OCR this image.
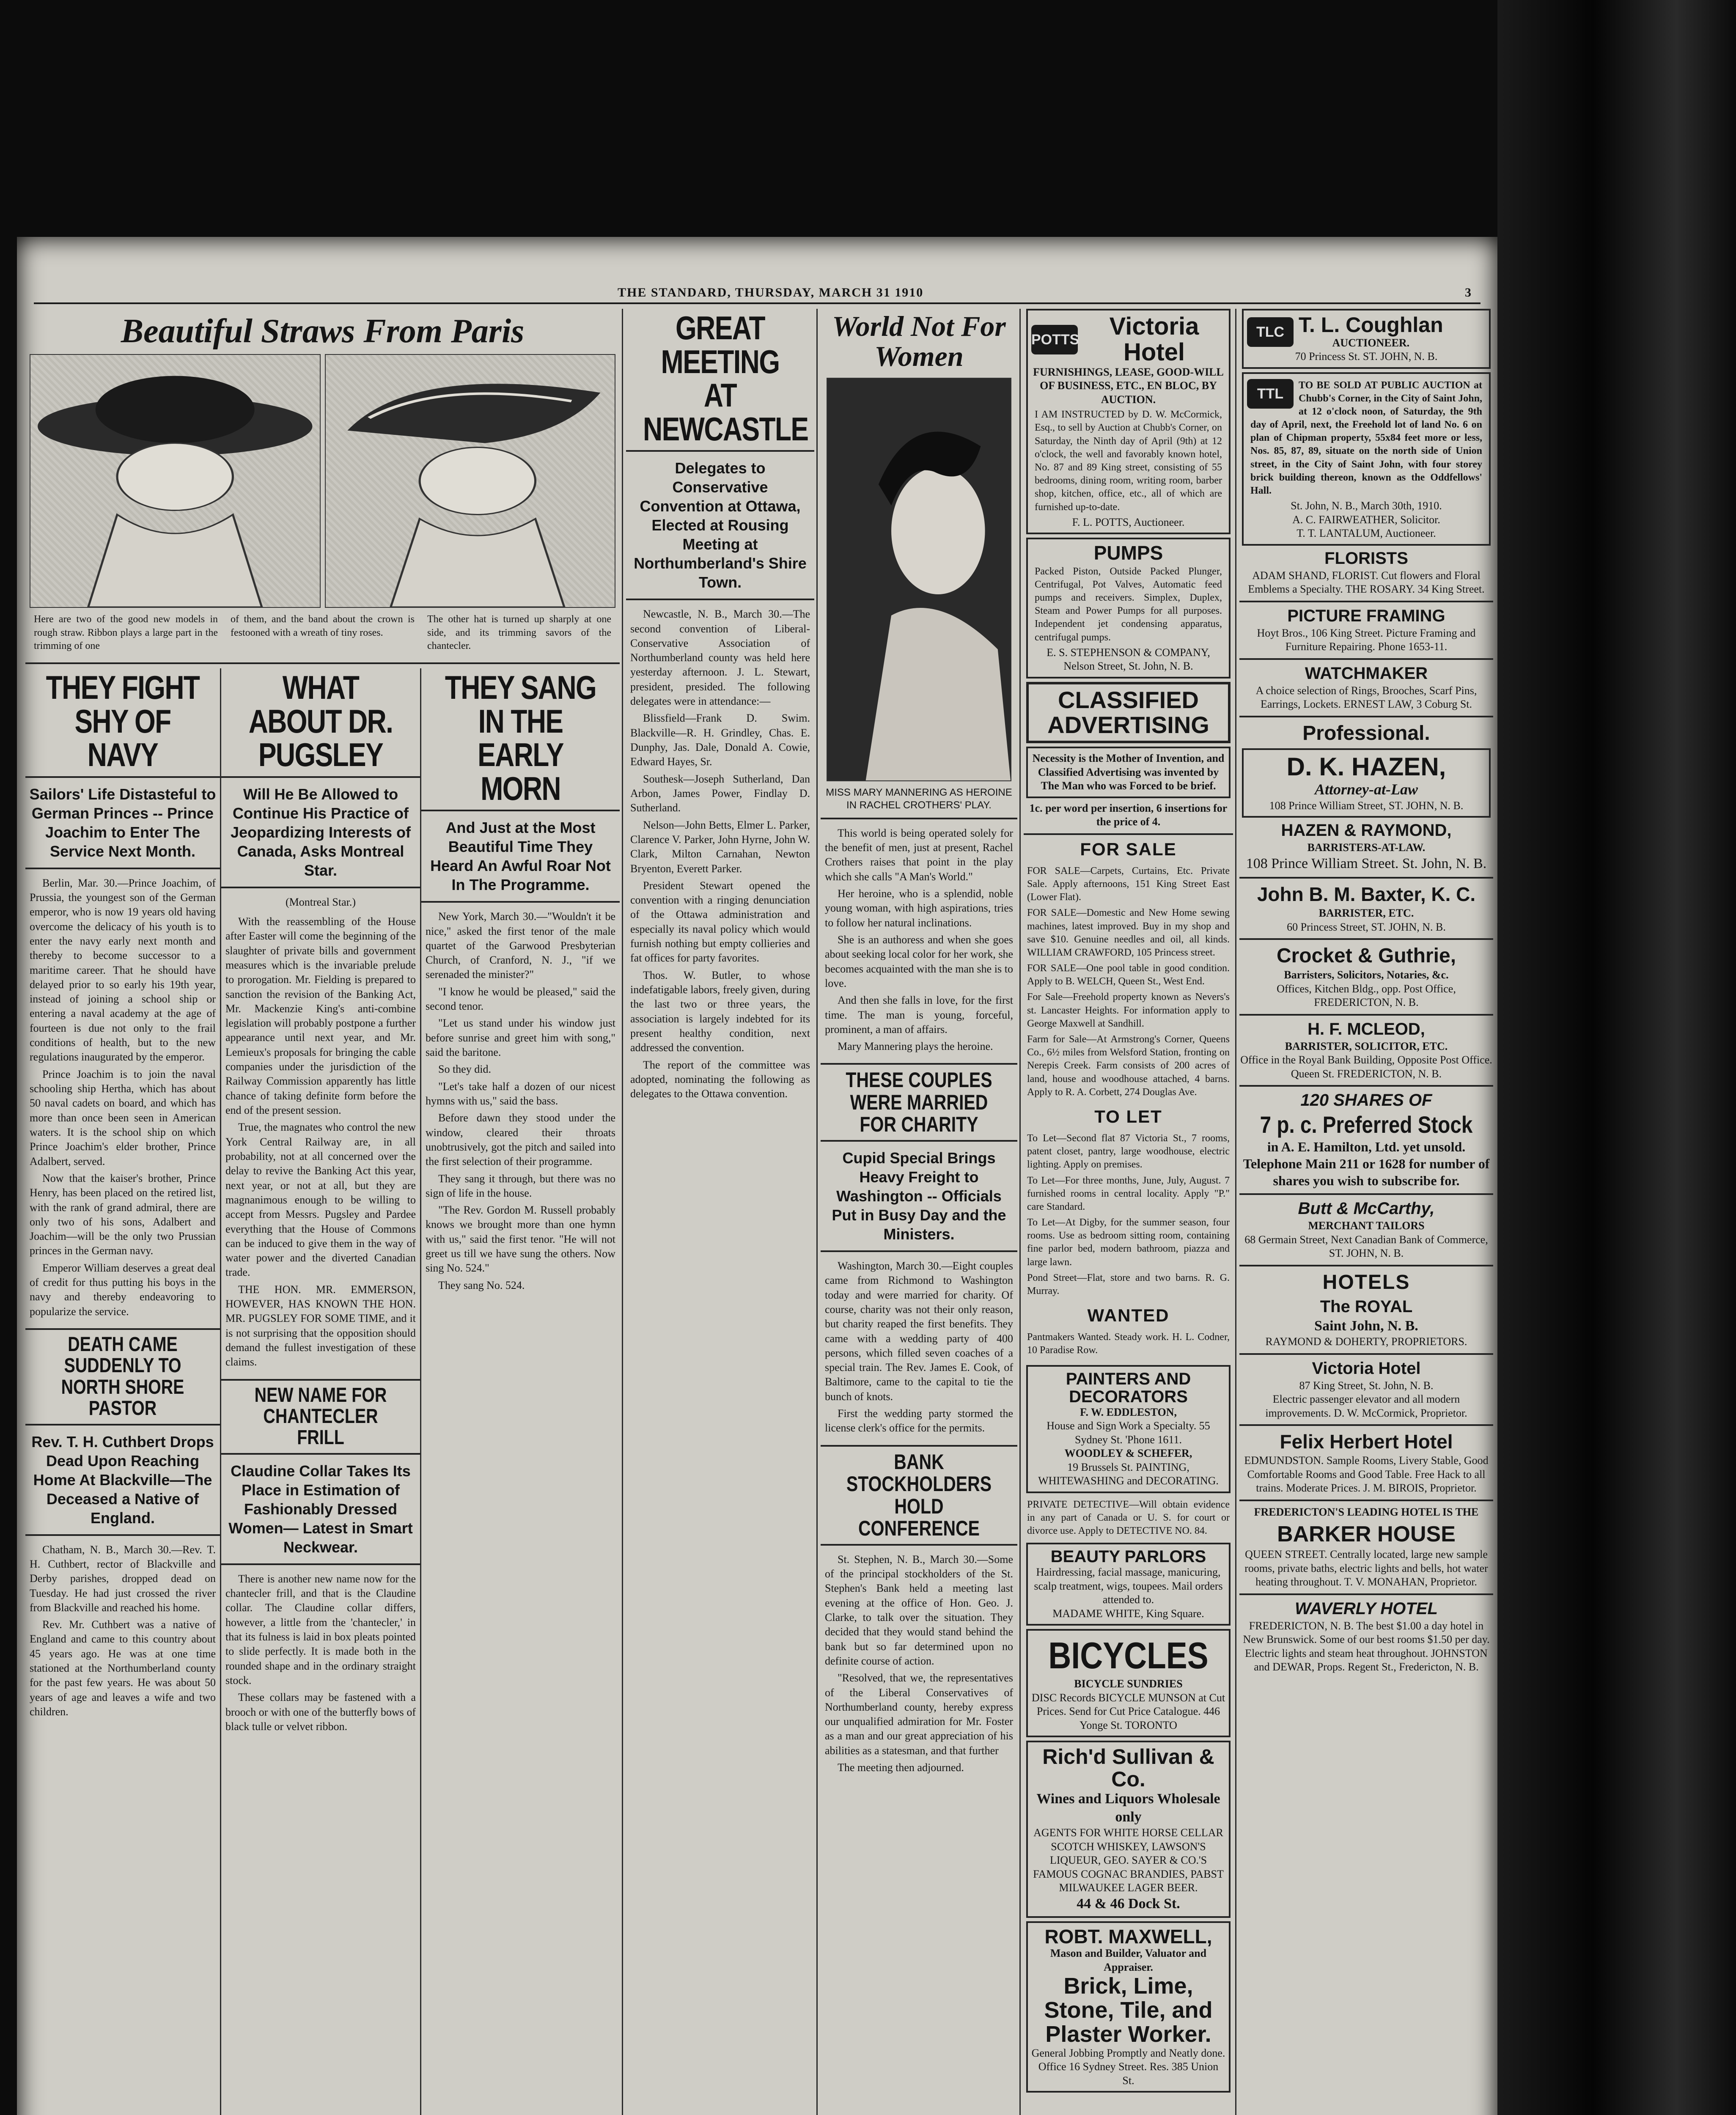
THE STANDARD, THURSDAY, MARCH 31 1910	3
Beautiful Straws From Paris
Here are two of the good new models in rough straw. Ribbon plays a large part in the trimming of one
of them, and the band about the crown is festooned with a wreath of tiny roses.
The other hat is turned up sharply at one side, and its trimming savors of the chantecler.
THEY FIGHT SHY OF NAVY
Sailors' Life Distasteful to German Princes -- Prince Joachim to Enter The Service Next Month.

Berlin, Mar. 30.—Prince Joachim, of Prussia, the youngest son of the German emperor, who is now 19 years old having overcome the delicacy of his youth is to enter the navy early next month and thereby to become successor to a maritime career. That he should have delayed prior to so early his 19th year, instead of joining a school ship or entering a naval academy at the age of fourteen is due not only to the frail conditions of health, but to the new regulations inaugurated by the emperor.

Prince Joachim is to join the naval schooling ship Hertha, which has about 50 naval cadets on board, and which has more than once been seen in American waters. It is the school ship on which Prince Joachim's elder brother, Prince Adalbert, served.

Now that the kaiser's brother, Prince Henry, has been placed on the retired list, with the rank of grand admiral, there are only two of his sons, Adalbert and Joachim—will be the only two Prussian princes in the German navy.

Emperor William deserves a great deal of credit for thus putting his boys in the navy and thereby endeavoring to popularize the service.

DEATH CAME SUDDENLY TO NORTH SHORE PASTOR
Rev. T. H. Cuthbert Drops Dead Upon Reaching Home At Blackville—The Deceased a Native of England.

Chatham, N. B., March 30.—Rev. T. H. Cuthbert, rector of Blackville and Derby parishes, dropped dead on Tuesday. He had just crossed the river from Blackville and reached his home.

Rev. Mr. Cuthbert was a native of England and came to this country about 45 years ago. He was at one time stationed at the Northumberland county for the past few years. He was about 50 years of age and leaves a wife and two children.

WHAT ABOUT DR. PUGSLEY
Will He Be Allowed to Continue His Practice of Jeopardizing Interests of Canada, Asks Montreal Star.
(Montreal Star.)

With the reassembling of the House after Easter will come the beginning of the slaughter of private bills and government measures which is the invariable prelude to prorogation. Mr. Fielding is prepared to sanction the revision of the Banking Act, Mr. Mackenzie King's anti-combine legislation will probably postpone a further appearance until next year, and Mr. Lemieux's proposals for bringing the cable companies under the jurisdiction of the Railway Commission apparently has little chance of taking definite form before the end of the present session.

True, the magnates who control the new York Central Railway are, in all probability, not at all concerned over the delay to revive the Banking Act this year, next year, or not at all, but they are magnanimous enough to be willing to accept from Messrs. Pugsley and Pardee everything that the House of Commons can be induced to give them in the way of water power and the diverted Canadian trade.

THE HON. MR. EMMERSON, HOWEVER, HAS KNOWN THE HON. MR. PUGSLEY FOR SOME TIME, and it is not surprising that the opposition should demand the fullest investigation of these claims.

NEW NAME FOR CHANTECLER FRILL
Claudine Collar Takes Its Place in Estimation of Fashionably Dressed Women— Latest in Smart Neckwear.

There is another new name now for the chantecler frill, and that is the Claudine collar. The Claudine collar differs, however, a little from the 'chantecler,' in that its fulness is laid in box pleats pointed to slide perfectly. It is made both in the rounded shape and in the ordinary straight stock.

These collars may be fastened with a brooch or with one of the butterfly bows of black tulle or velvet ribbon.

THEY SANG IN THE EARLY MORN
And Just at the Most Beautiful Time They Heard An Awful Roar Not In The Programme.

New York, March 30.—"Wouldn't it be nice," asked the first tenor of the male quartet of the Garwood Presbyterian Church, of Cranford, N. J., "if we serenaded the minister?"

"I know he would be pleased," said the second tenor.

"Let us stand under his window just before sunrise and greet him with song," said the baritone.

So they did.

"Let's take half a dozen of our nicest hymns with us," said the bass.

Before dawn they stood under the window, cleared their throats unobtrusively, got the pitch and sailed into the first selection of their programme.

They sang it through, but there was no sign of life in the house.

"The Rev. Gordon M. Russell probably knows we brought more than one hymn with us," said the first tenor. "He will not greet us till we have sung the others. Now sing No. 524."

They sang No. 524.

GREAT MEETING AT NEWCASTLE
Delegates to Conservative Convention at Ottawa, Elected at Rousing Meeting at Northumberland's Shire Town.

Newcastle, N. B., March 30.—The second convention of Liberal-Conservative Association of Northumberland county was held here yesterday afternoon. J. L. Stewart, president, presided. The following delegates were in attendance:—

Blissfield—Frank D. Swim. Blackville—R. H. Grindley, Chas. E. Dunphy, Jas. Dale, Donald A. Cowie, Edward Hayes, Sr.

Southesk—Joseph Sutherland, Dan Arbon, James Power, Findlay D. Sutherland.

Nelson—John Betts, Elmer L. Parker, Clarence V. Parker, John Hyrne, John W. Clark, Milton Carnahan, Newton Bryenton, Everett Parker.

President Stewart opened the convention with a ringing denunciation of the Ottawa administration and especially its naval policy which would furnish nothing but empty collieries and fat offices for party favorites.

Thos. W. Butler, to whose indefatigable labors, freely given, during the last two or three years, the association is largely indebted for its present healthy condition, next addressed the convention.

The report of the committee was adopted, nominating the following as delegates to the Ottawa convention.

World Not For Women
MISS MARY MANNERING AS HEROINE IN RACHEL CROTHERS' PLAY.

This world is being operated solely for the benefit of men, just at present, Rachel Crothers raises that point in the play which she calls "A Man's World."

Her heroine, who is a splendid, noble young woman, with high aspirations, tries to follow her natural inclinations.

She is an authoress and when she goes about seeking local color for her work, she becomes acquainted with the man she is to love.

And then she falls in love, for the first time. The man is young, forceful, prominent, a man of affairs.

Mary Mannering plays the heroine.

THESE COUPLES WERE MARRIED FOR CHARITY
Cupid Special Brings Heavy Freight to Washington -- Officials Put in Busy Day and the Ministers.

Washington, March 30.—Eight couples came from Richmond to Washington today and were married for charity. Of course, charity was not their only reason, but charity reaped the first benefits. They came with a wedding party of 400 persons, which filled seven coaches of a special train. The Rev. James E. Cook, of Baltimore, came to the capital to tie the bunch of knots.

First the wedding party stormed the license clerk's office for the permits.

BANK STOCKHOLDERS HOLD CONFERENCE

St. Stephen, N. B., March 30.—Some of the principal stockholders of the St. Stephen's Bank held a meeting last evening at the office of Hon. Geo. J. Clarke, to talk over the situation. They decided that they would stand behind the bank but so far determined upon no definite course of action.

"Resolved, that we, the representatives of the Liberal Conservatives of Northumberland county, hereby express our unqualified admiration for Mr. Foster as a man and our great appreciation of his abilities as a statesman, and that further

The meeting then adjourned.

POTTS	Victoria Hotel
FURNISHINGS, LEASE, GOOD-WILL OF BUSINESS, ETC., EN BLOC, BY AUCTION.
I AM INSTRUCTED by D. W. McCormick, Esq., to sell by Auction at Chubb's Corner, on Saturday, the Ninth day of April (9th) at 12 o'clock, the well and favorably known hotel, No. 87 and 89 King street, consisting of 55 bedrooms, dining room, writing room, barber shop, kitchen, office, etc., all of which are furnished up-to-date.
F. L. POTTS, Auctioneer.
PUMPS
Packed Piston, Outside Packed Plunger, Centrifugal, Pot Valves, Automatic feed pumps and receivers. Simplex, Duplex, Steam and Power Pumps for all purposes. Independent jet condensing apparatus, centrifugal pumps.
E. S. STEPHENSON & COMPANY, Nelson Street, St. John, N. B.
CLASSIFIED ADVERTISING
Necessity is the Mother of Invention, and Classified Advertising was invented by The Man who was Forced to be brief.
1c. per word per insertion, 6 insertions for the price of 4.
FOR SALE

FOR SALE—Carpets, Curtains, Etc. Private Sale. Apply afternoons, 151 King Street East (Lower Flat).

FOR SALE—Domestic and New Home sewing machines, latest improved. Buy in my shop and save $10. Genuine needles and oil, all kinds. WILLIAM CRAWFORD, 105 Princess street.

FOR SALE—One pool table in good condition. Apply to B. WELCH, Queen St., West End.

For Sale—Freehold property known as Nevers's st. Lancaster Heights. For information apply to George Maxwell at Sandhill.

Farm for Sale—At Armstrong's Corner, Queens Co., 6½ miles from Welsford Station, fronting on Nerepis Creek. Farm consists of 200 acres of land, house and woodhouse attached, 4 barns. Apply to R. A. Corbett, 274 Douglas Ave.

TO LET

To Let—Second flat 87 Victoria St., 7 rooms, patent closet, pantry, large woodhouse, electric lighting. Apply on premises.

To Let—For three months, June, July, August. 7 furnished rooms in central locality. Apply "P." care Standard.

To Let—At Digby, for the summer season, four rooms. Use as bedroom sitting room, containing fine parlor bed, modern bathroom, piazza and large lawn.

Pond Street—Flat, store and two barns. R. G. Murray.

WANTED

Pantmakers Wanted. Steady work. H. L. Codner, 10 Paradise Row.

PAINTERS AND DECORATORS
F. W. EDDLESTON,
House and Sign Work a Specialty. 55 Sydney St. 'Phone 1611.
WOODLEY & SCHEFER,
19 Brussels St. PAINTING, WHITEWASHING and DECORATING.
PRIVATE DETECTIVE—Will obtain evidence in any part of Canada or U. S. for court or divorce use. Apply to DETECTIVE NO. 84.
BEAUTY PARLORS
Hairdressing, facial massage, manicuring, scalp treatment, wigs, toupees. Mail orders attended to.
MADAME WHITE, King Square.
BICYCLES
BICYCLE SUNDRIES
DISC Records BICYCLE MUNSON at Cut Prices. Send for Cut Price Catalogue. 446 Yonge St. TORONTO
Rich'd Sullivan & Co.
Wines and Liquors Wholesale only
AGENTS FOR WHITE HORSE CELLAR SCOTCH WHISKEY, LAWSON'S LIQUEUR, GEO. SAYER & CO.'S FAMOUS COGNAC BRANDIES, PABST MILWAUKEE LAGER BEER.
44 & 46 Dock St.
ROBT. MAXWELL,
Mason and Builder, Valuator and Appraiser.
Brick, Lime, Stone, Tile, and Plaster Worker.
General Jobbing Promptly and Neatly done. Office 16 Sydney Street. Res. 385 Union St.
TLC T. L. Coughlan
AUCTIONEER.
70 Princess St. ST. JOHN, N. B.
TTL
TO BE SOLD AT PUBLIC AUCTION at Chubb's Corner, in the City of Saint John, at 12 o'clock noon, of Saturday, the 9th day of April, next, the Freehold lot of land No. 6 on plan of Chipman property, 55x84 feet more or less, Nos. 85, 87, 89, situate on the north side of Union street, in the City of Saint John, with four storey brick building thereon, known as the Oddfellows' Hall.
St. John, N. B., March 30th, 1910.
A. C. FAIRWEATHER, Solicitor.
T. T. LANTALUM, Auctioneer.
FLORISTS
ADAM SHAND, FLORIST. Cut flowers and Floral Emblems a Specialty. THE ROSARY. 34 King Street.
PICTURE FRAMING
Hoyt Bros., 106 King Street. Picture Framing and Furniture Repairing. Phone 1653-11.
WATCHMAKER
A choice selection of Rings, Brooches, Scarf Pins, Earrings, Lockets. ERNEST LAW, 3 Coburg St.
Professional.
D. K. HAZEN,
Attorney-at-Law
108 Prince William Street, ST. JOHN, N. B.
HAZEN & RAYMOND,
BARRISTERS-AT-LAW.
108 Prince William Street. St. John, N. B.
John B. M. Baxter, K. C.
BARRISTER, ETC.
60 Princess Street, ST. JOHN, N. B.
Crocket & Guthrie,
Barristers, Solicitors, Notaries, &c.
Offices, Kitchen Bldg., opp. Post Office, FREDERICTON, N. B.
H. F. MCLEOD,
BARRISTER, SOLICITOR, ETC.
Office in the Royal Bank Building, Opposite Post Office. Queen St. FREDERICTON, N. B.
120 SHARES OF
7 p. c. Preferred Stock
in A. E. Hamilton, Ltd. yet unsold. Telephone Main 211 or 1628 for number of shares you wish to subscribe for.
Butt & McCarthy,
MERCHANT TAILORS
68 Germain Street, Next Canadian Bank of Commerce, ST. JOHN, N. B.
HOTELS
The ROYAL
Saint John, N. B.
RAYMOND & DOHERTY, PROPRIETORS.
Victoria Hotel
87 King Street, St. John, N. B.
Electric passenger elevator and all modern improvements. D. W. McCormick, Proprietor.
Felix Herbert Hotel
EDMUNDSTON. Sample Rooms, Livery Stable, Good Comfortable Rooms and Good Table. Free Hack to all trains. Moderate Prices. J. M. BIROIS, Proprietor.
FREDERICTON'S LEADING HOTEL IS THE
BARKER HOUSE
QUEEN STREET. Centrally located, large new sample rooms, private baths, electric lights and bells, hot water heating throughout. T. V. MONAHAN, Proprietor.
WAVERLY HOTEL
FREDERICTON, N. B. The best $1.00 a day hotel in New Brunswick. Some of our best rooms $1.50 per day. Electric lights and steam heat throughout. JOHNSTON and DEWAR, Props. Regent St., Fredericton, N. B.
